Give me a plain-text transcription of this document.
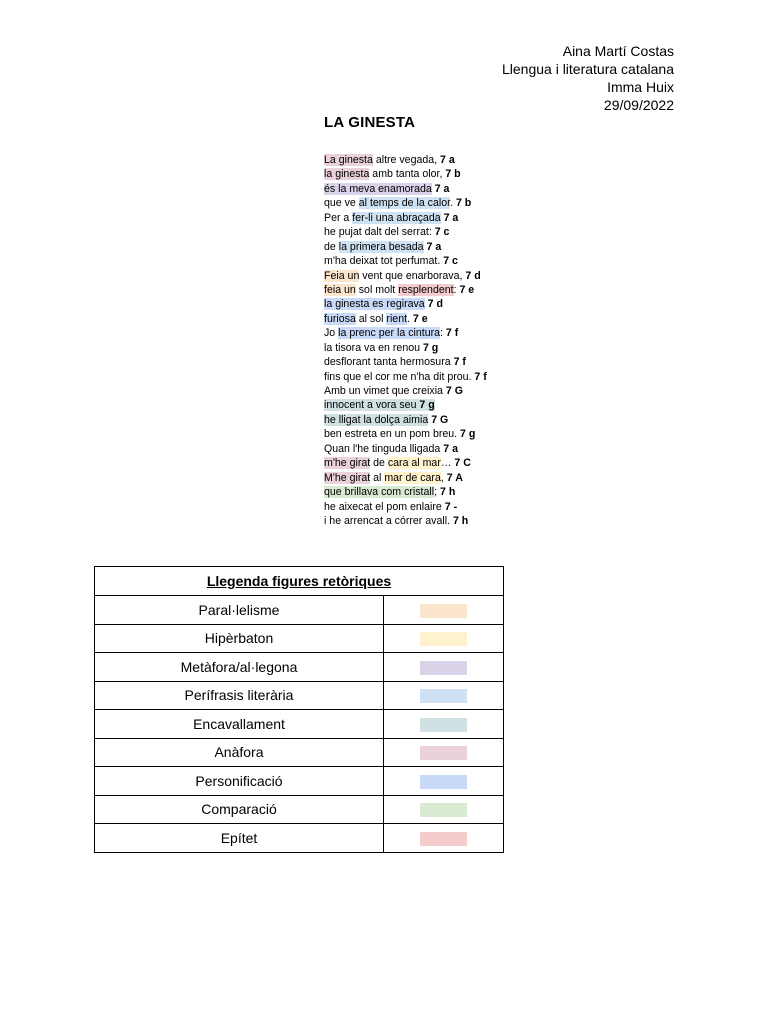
Aina Martí Costas
Llengua i literatura catalana
Imma Huix
29/09/2022
LA GINESTA
La ginesta altre vegada, 7 a
la ginesta amb tanta olor, 7 b
és la meva enamorada 7 a
que ve al temps de la calor. 7 b
Per a fer-li una abraçada 7 a
he pujat dalt del serrat: 7 c
de la primera besada 7 a
m'ha deixat tot perfumat. 7 c
Feia un vent que enarborava, 7 d
feia un sol molt resplendent: 7 e
la ginesta es regirava 7 d
furiosa al sol rient. 7 e
Jo la prenc per la cintura: 7 f
la tisora va en renou 7 g
desflorant tanta hermosura 7 f
fins que el cor me n'ha dit prou. 7 f
Amb un vimet que creixia 7 G
innocent a vora seu 7 g
he lligat la dolça aimia 7 G
ben estreta en un pom breu. 7 g
Quan l'he tinguda lligada 7 a
m'he girat de cara al mar… 7 C
M'he girat al mar de cara, 7 A
que brillava com cristall; 7 h
he aixecat el pom enlaire 7 -
i he arrencat a córrer avall. 7 h
Llegenda figures retòriques	
Paral·lelisme	
Hipèrbaton	
Metàfora/al·legona	
Perífrasis literària	
Encavallament	
Anàfora	
Personificació	
Comparació	
Epítet	
